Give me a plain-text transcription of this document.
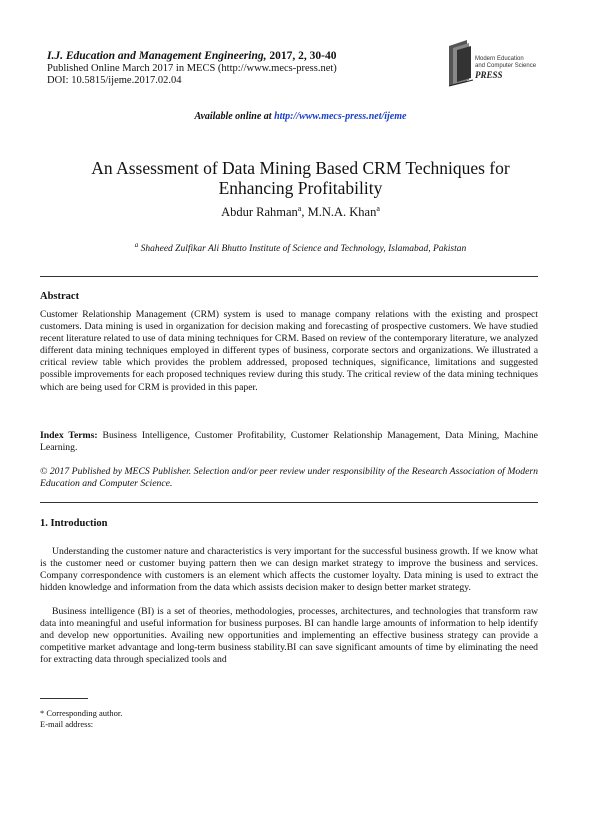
I.J. Education and Management Engineering, 2017, 2, 30-40
Published Online March 2017 in MECS (http://www.mecs-press.net)
DOI: 10.5815/ijeme.2017.02.04
Modern Education
and Computer Science
PRESS
Available online at http://www.mecs-press.net/ijeme
An Assessment of Data Mining Based CRM Techniques for
Enhancing Profitability
Abdur Rahman$^a$, M.N.A. Khan$^a$
$^a$ Shaheed Zulfikar Ali Bhutto Institute of Science and Technology, Islamabad, Pakistan
Abstract
Customer Relationship Management (CRM) system is used to manage company relations with the existing and prospect customers. Data mining is used in organization for decision making and forecasting of prospective customers. We have studied recent literature related to use of data mining techniques for CRM. Based on review of the contemporary literature, we analyzed different data mining techniques employed in different types of business, corporate sectors and organizations. We illustrated a critical review table which provides the problem addressed, proposed techniques, significance, limitations and suggested possible improvements for each proposed techniques review during this study. The critical review of the data mining techniques which are being used for CRM is provided in this paper.
Index Terms: Business Intelligence, Customer Profitability, Customer Relationship Management, Data Mining, Machine Learning.
© 2017 Published by MECS Publisher. Selection and/or peer review under responsibility of the Research Association of Modern Education and Computer Science.
1. Introduction
Understanding the customer nature and characteristics is very important for the successful business growth. If we know what is the customer need or customer buying pattern then we can design market strategy to improve the business and services. Company correspondence with customers is an element which affects the customer loyalty. Data mining is used to extract the hidden knowledge and information from the data which assists decision maker to design better market strategy.
Business intelligence (BI) is a set of theories, methodologies, processes, architectures, and technologies that transform raw data into meaningful and useful information for business purposes. BI can handle large amounts of information to help identify and develop new opportunities. Availing new opportunities and implementing an effective business strategy can provide a competitive market advantage and long-term business stability.BI can save significant amounts of time by eliminating the need for extracting data through specialized tools and
* Corresponding author.
E-mail address:
